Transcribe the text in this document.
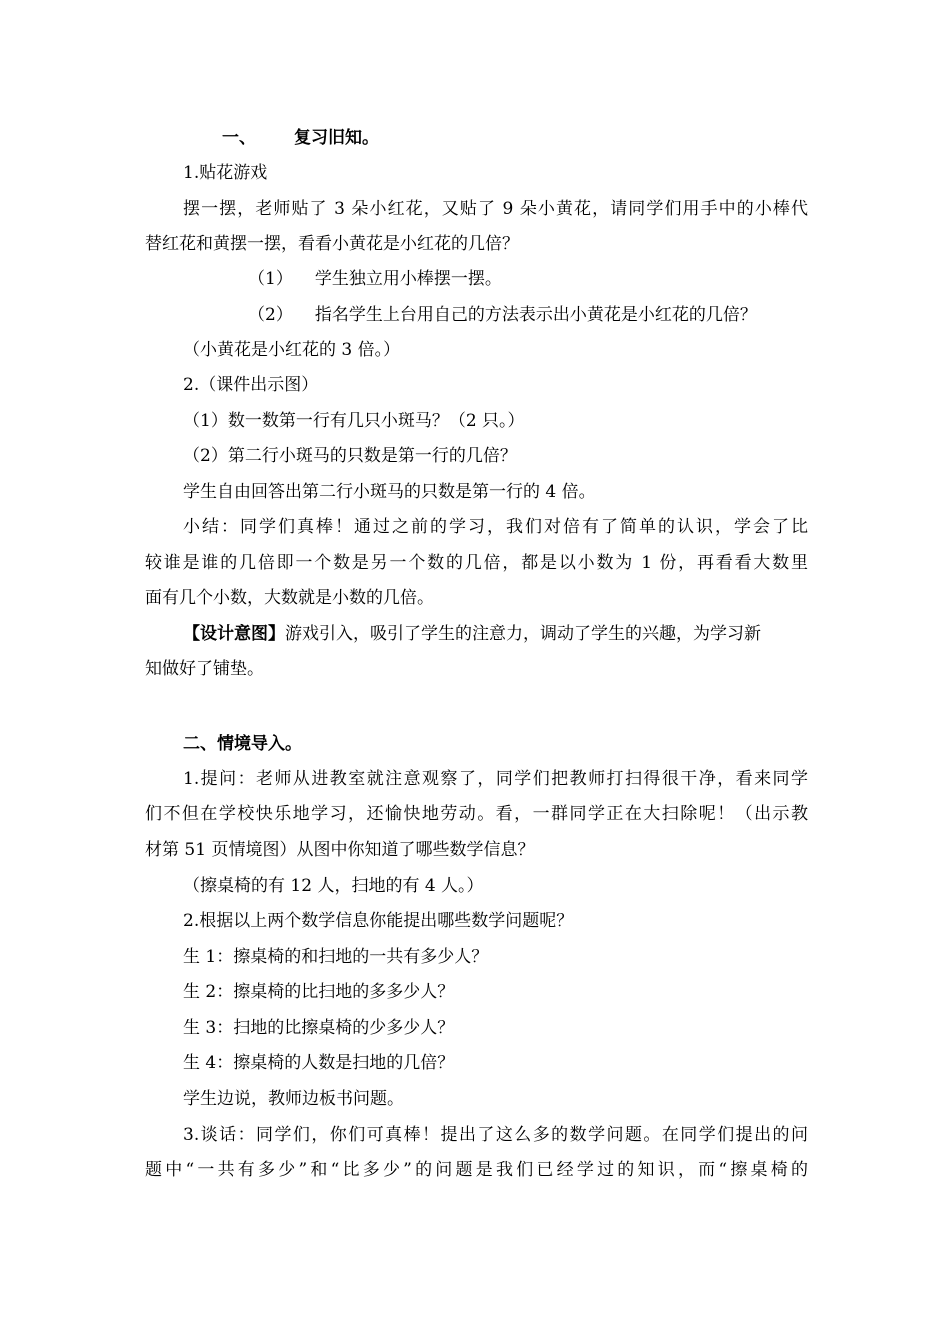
一、 复习旧知。
1.贴花游戏
摆一摆，老师贴了 3 朵小红花，又贴了 9 朵小黄花，请同学们用手中的小棒代
替红花和黄摆一摆，看看小黄花是小红花的几倍？
（1） 学生独立用小棒摆一摆。
（2） 指名学生上台用自己的方法表示出小黄花是小红花的几倍？
（小黄花是小红花的 3 倍。）
2.（课件出示图）
（1）数一数第一行有几只小斑马？（2 只。）
（2）第二行小斑马的只数是第一行的几倍？
学生自由回答出第二行小斑马的只数是第一行的 4 倍。
小结：同学们真棒！通过之前的学习，我们对倍有了简单的认识，学会了比
较谁是谁的几倍即一个数是另一个数的几倍，都是以小数为 1 份，再看看大数里
面有几个小数，大数就是小数的几倍。
【设计意图】游戏引入，吸引了学生的注意力，调动了学生的兴趣，为学习新
知做好了铺垫。
二、情境导入。
1.提问：老师从进教室就注意观察了，同学们把教师打扫得很干净，看来同学
们不但在学校快乐地学习，还愉快地劳动。看，一群同学正在大扫除呢！（出示教
材第 51 页情境图）从图中你知道了哪些数学信息？
（擦桌椅的有 12 人，扫地的有 4 人。）
2.根据以上两个数学信息你能提出哪些数学问题呢？
生 1：擦桌椅的和扫地的一共有多少人？
生 2：擦桌椅的比扫地的多多少人？
生 3：扫地的比擦桌椅的少多少人？
生 4：擦桌椅的人数是扫地的几倍？
学生边说，教师边板书问题。
3.谈话：同学们，你们可真棒！提出了这么多的数学问题。在同学们提出的问
题中“一共有多少”和“比多少”的问题是我们已经学过的知识，而“擦桌椅的
